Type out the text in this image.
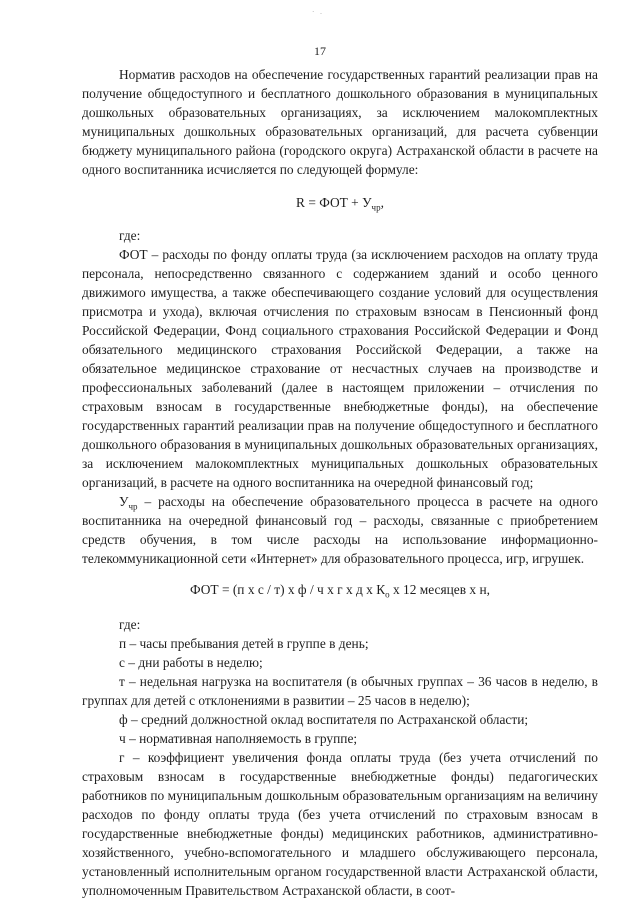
· .
17

Норматив расходов на обеспечение государственных гарантий реализации прав на получение общедоступного и бесплатного дошкольного образования в муниципальных дошкольных образовательных организациях, за исключением малокомплектных муниципальных дошкольных образовательных организаций, для расчета субвенции бюджету муниципального района (городского округа) Астраханской области в расчете на одного воспитанника исчисляется по следующей формуле:

R = ФОТ + $У_{чр}$,

где:

ФОТ – расходы по фонду оплаты труда (за исключением расходов на оплату труда персонала, непосредственно связанного с содержанием зданий и особо ценного движимого имущества, а также обеспечивающего создание условий для осуществления присмотра и ухода), включая отчисления по страховым взносам в Пенсионный фонд Российской Федерации, Фонд социального страхования Российской Федерации и Фонд обязательного медицинского страхования Российской Федерации, а также на обязательное медицинское страхование от несчастных случаев на производстве и профессиональных заболеваний (далее в настоящем приложении – отчисления по страховым взносам в государственные внебюджетные фонды), на обеспечение государственных гарантий реализации прав на получение общедоступного и бесплатного дошкольного образования в муниципальных дошкольных образовательных организациях, за исключением малокомплектных муниципальных дошкольных образовательных организаций, в расчете на одного воспитанника на очередной финансовый год;

$У_{чр}$ – расходы на обеспечение образовательного процесса в расчете на одного воспитанника на очередной финансовый год – расходы, связанные с приобретением средств обучения, в том числе расходы на использование информационно-телекоммуникационной сети «Интернет» для образовательного процесса, игр, игрушек.

ФОТ = (п х с / т) х ф / ч х г х д х $К_о$ х 12 месяцев х н,

где:

п – часы пребывания детей в группе в день;

с – дни работы в неделю;

т – недельная нагрузка на воспитателя (в обычных группах – 36 часов в неделю, в группах для детей с отклонениями в развитии – 25 часов в неделю);

ф – средний должностной оклад воспитателя по Астраханской области;

ч – нормативная наполняемость в группе;

г – коэффициент увеличения фонда оплаты труда (без учета отчислений по страховым взносам в государственные внебюджетные фонды) педагогических работников по муниципальным дошкольным образовательным организациям на величину расходов по фонду оплаты труда (без учета отчислений по страховым взносам в государственные внебюджетные фонды) медицинских работников, административно-хозяйственного, учебно-вспомогательного и младшего обслуживающего персонала, установленный исполнительным органом государственной власти Астраханской области, уполномоченным Правительством Астраханской области, в соот-
